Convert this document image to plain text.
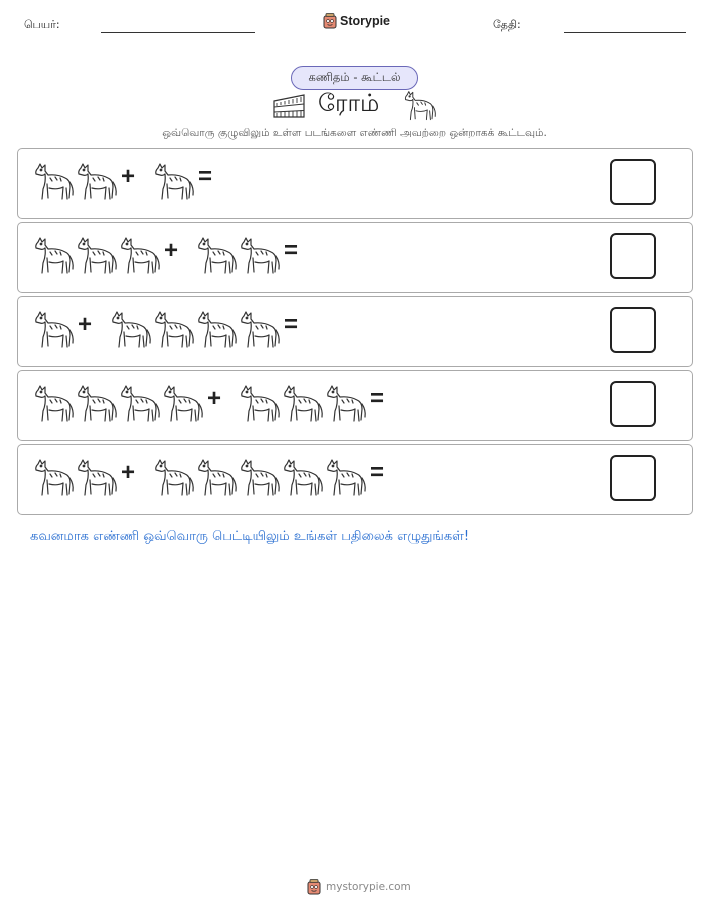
பெயர்:	Storypie	தேதி:
கணிதம் - கூட்டல்
ரோம்
ஒவ்வொரு குழுவிலும் உள்ள படங்களை எண்ணி அவற்றை ஒன்றாகக் கூட்டவும்.
+	=
+	=
+	=
+	=
+	=
கவனமாக எண்ணி ஒவ்வொரு பெட்டியிலும் உங்கள் பதிலைக் எழுதுங்கள்!
mystorypie.com
